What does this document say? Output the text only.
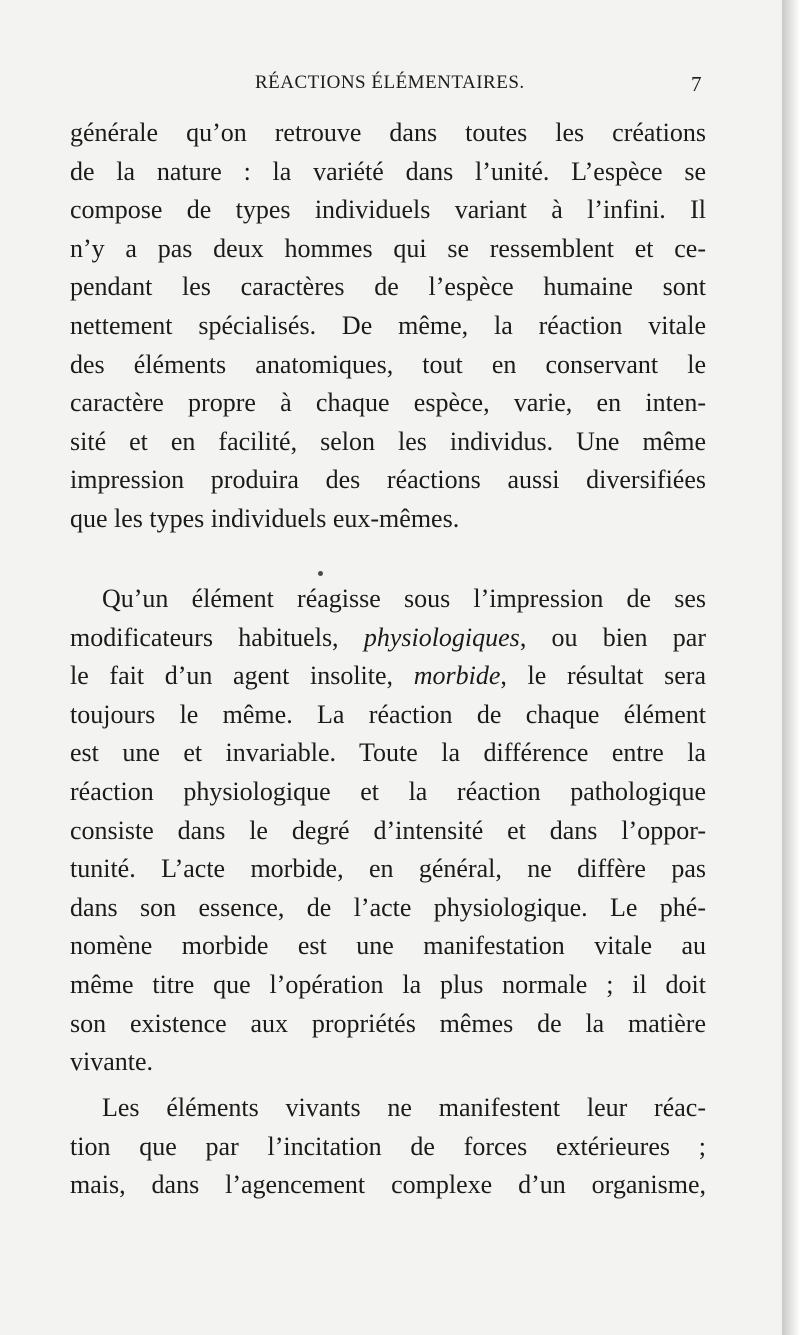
RÉACTIONS ÉLÉMENTAIRES.	7
générale qu’on retrouve dans toutes les créations
de la nature : la variété dans l’unité. L’espèce se
compose de types individuels variant à l’infini. Il
n’y a pas deux hommes qui se ressemblent et ce-
pendant les caractères de l’espèce humaine sont
nettement spécialisés. De même, la réaction vitale
des éléments anatomiques, tout en conservant le
caractère propre à chaque espèce, varie, en inten-
sité et en facilité, selon les individus. Une même
impression produira des réactions aussi diversifiées
que les types individuels eux-mêmes.
Qu’un élément réagisse sous l’impression de ses
modificateurs habituels, physiologiques, ou bien par
le fait d’un agent insolite, morbide, le résultat sera
toujours le même. La réaction de chaque élément
est une et invariable. Toute la différence entre la
réaction physiologique et la réaction pathologique
consiste dans le degré d’intensité et dans l’oppor-
tunité. L’acte morbide, en général, ne diffère pas
dans son essence, de l’acte physiologique. Le phé-
nomène morbide est une manifestation vitale au
même titre que l’opération la plus normale ; il doit
son existence aux propriétés mêmes de la matière
vivante.
Les éléments vivants ne manifestent leur réac-
tion que par l’incitation de forces extérieures ;
mais, dans l’agencement complexe d’un organisme,
